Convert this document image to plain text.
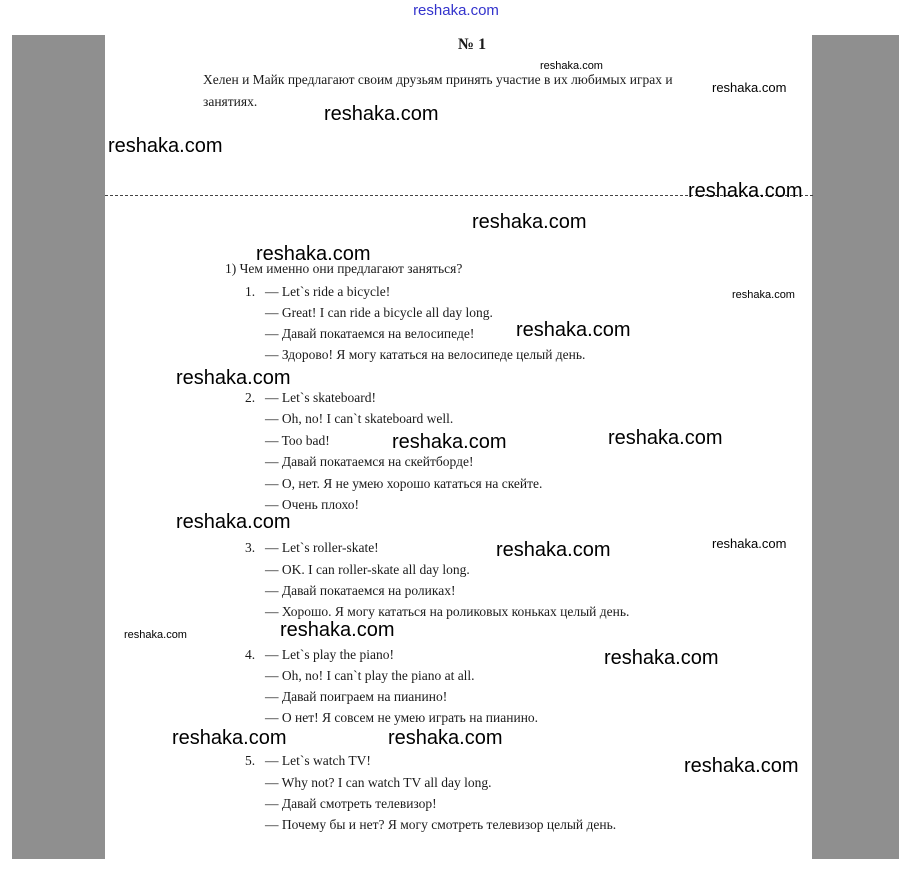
reshaka.com
№ 1
Хелен и Майк предлагают своим друзьям принять участие в их любимых играх и занятиях.
1) Чем именно они предлагают заняться?
1. — Let`s ride a bicycle!
— Great! I can ride a bicycle all day long.
— Давай покатаемся на велосипеде!
— Здорово! Я могу кататься на велосипеде целый день.
2. — Let`s skateboard!
— Oh, no! I can`t skateboard well.
— Too bad!
— Давай покатаемся на скейтборде!
— О, нет. Я не умею хорошо кататься на скейте.
— Очень плохо!
3. — Let`s roller-skate!
— OK. I can roller-skate all day long.
— Давай покатаемся на роликах!
— Хорошо. Я могу кататься на роликовых коньках целый день.
4. — Let`s play the piano!
— Oh, no! I can`t play the piano at all.
— Давай поиграем на пианино!
— О нет! Я совсем не умею играть на пианино.
5. — Let`s watch TV!
— Why not? I can watch TV all day long.
— Давай смотреть телевизор!
— Почему бы и нет? Я могу смотреть телевизор целый день.
reshaka.com
reshaka.com
reshaka.com
reshaka.com
reshaka.com
reshaka.com
reshaka.com
reshaka.com
reshaka.com
reshaka.com
reshaka.com
reshaka.com
reshaka.com
reshaka.com
reshaka.com
reshaka.com
reshaka.com
reshaka.com
reshaka.com	reshaka.com
reshaka.com
